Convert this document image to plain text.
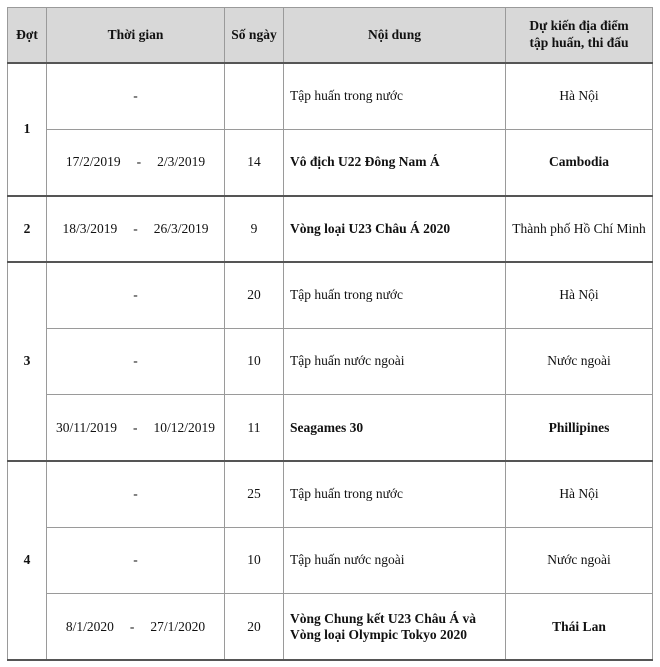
Đợt	Thời gian	Số ngày	Nội dung	Dự kiến địa điểm
tập huấn, thi đấu

1	-		Tập huấn trong nước	Hà Nội

	17/2/2019 - 2/3/2019	14	Vô địch U22 Đông Nam Á	Cambodia
2	18/3/2019 - 26/3/2019	9	Vòng loại U23 Châu Á 2020	Thành phố Hồ Chí Minh
3	-	20	Tập huấn trong nước	Hà Nội

	-	10	Tập huấn nước ngoài	Nước ngoài

	30/11/2019 - 10/12/2019	11	Seagames 30	Phillipines
4	-	25	Tập huấn trong nước	Hà Nội

	-	10	Tập huấn nước ngoài	Nước ngoài

	8/1/2020 - 27/1/2020	20	Vòng Chung kết U23 Châu Á và Vòng loại Olympic Tokyo 2020	Thái Lan
